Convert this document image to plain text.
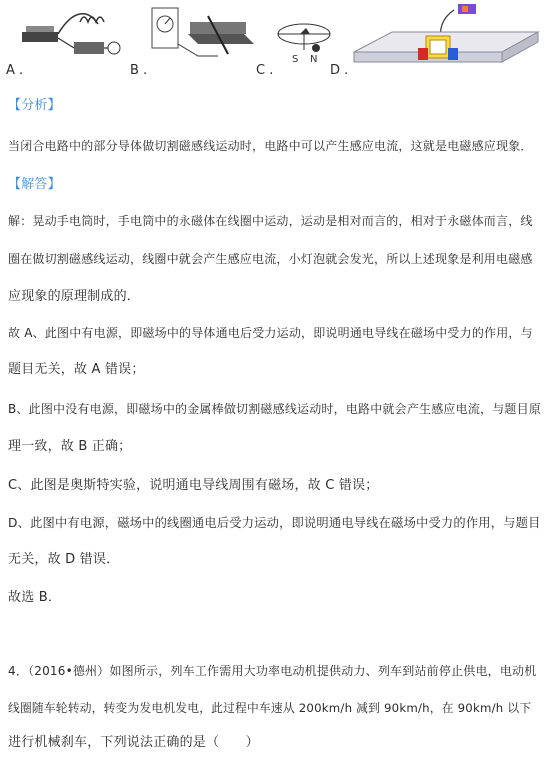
A .	B .
S N
C .	D .
【分析】
当闭合电路中的部分导体做切割磁感线运动时，电路中可以产生感应电流，这就是电磁感应现象．
【解答】
解：晃动手电筒时，手电筒中的永磁体在线圈中运动，运动是相对而言的，相对于永磁体而言，线
圈在做切割磁感线运动，线圈中就会产生感应电流，小灯泡就会发光，所以上述现象是利用电磁感
应现象的原理制成的．
故 A、此图中有电源，即磁场中的导体通电后受力运动，即说明通电导线在磁场中受力的作用，与
题目无关，故 A 错误；
B、此图中没有电源，即磁场中的金属棒做切割磁感线运动时，电路中就会产生感应电流，与题目原
理一致，故 B 正确；
C、此图是奥斯特实验，说明通电导线周围有磁场，故 C 错误；
D、此图中有电源，磁场中的线圈通电后受力运动，即说明通电导线在磁场中受力的作用，与题目
无关，故 D 错误．
故选 B．
4．（2016•德州）如图所示，列车工作需用大功率电动机提供动力、列车到站前停止供电，电动机
线圈随车轮转动，转变为发电机发电，此过程中车速从 200km/h 减到 90km/h，在 90km/h 以下
进行机械刹车，下列说法正确的是（　　）
